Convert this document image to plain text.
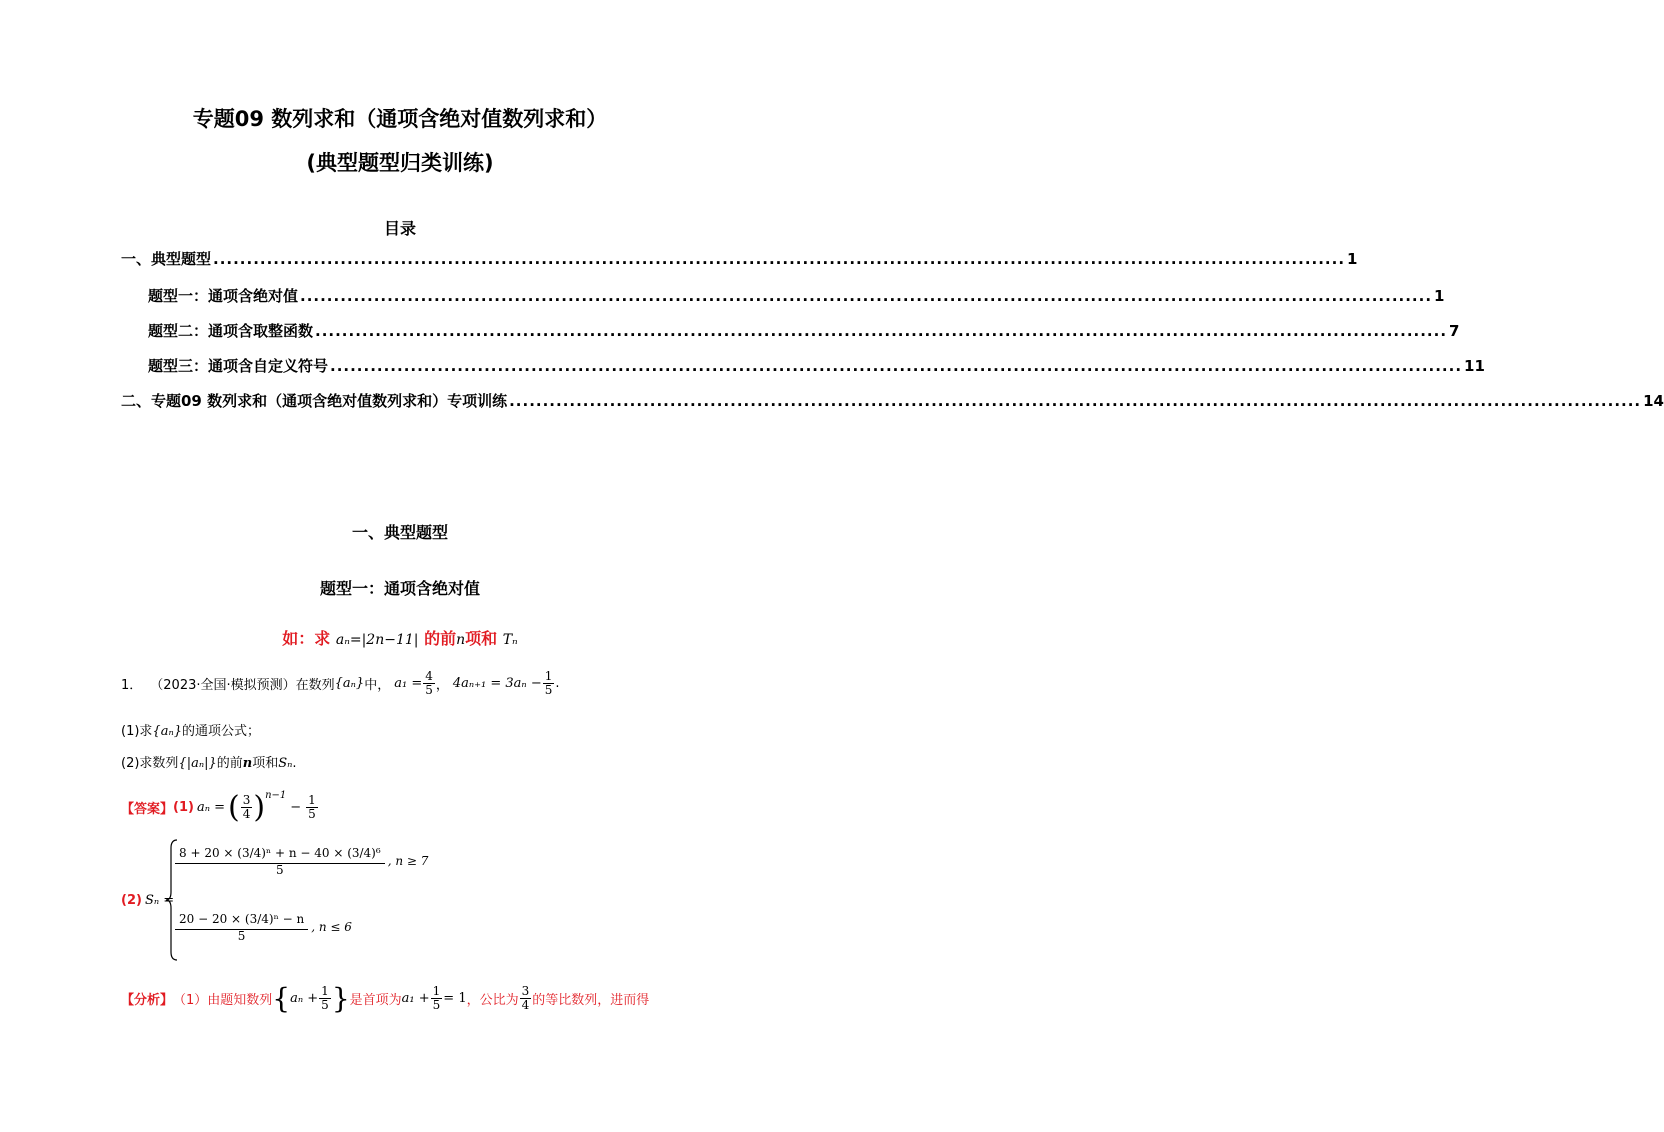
专题09 数列求和（通项含绝对值数列求和）
(典型题型归类训练)
目录
一、典型题型 ......................................................................................................................................................................... 1
题型一：通项含绝对值 ......................................................................................................................................................................... 1
题型二：通项含取整函数 ......................................................................................................................................................................... 7
题型三：通项含自定义符号 ......................................................................................................................................................................... 11
二、专题09 数列求和（通项含绝对值数列求和）专项训练 ......................................................................................................................................................................... 14
一、典型题型
题型一：通项含绝对值
如：求 aₙ=|2n−11| 的前n项和 Tₙ
1． （2023·全国·模拟预测）在数列 {aₙ} 中， $a_1 = \frac{4}{5}$ ， $4a_{n+1} = 3a_n - \frac{1}{5}$ .
(1)求{aₙ}的通项公式；
(2)求数列{|aₙ|}的前n项和Sₙ.
【答案】 (1) aₙ = ( $\frac{3}{4}$ ) n−1
− $\frac{1}{5}$
(2) Sₙ =
$\frac{\text{8 + 20 × (3/4)ⁿ + n − 40 × (3/4)⁶}}{5}$ , n ≥ 7
$\frac{\text{20 − 20 × (3/4)ⁿ − n}}{5}$ , n ≤ 6
【分析】 （1）由题知数列 { $a_n + \frac{1}{5}$ } 是首项为 $a_1 + \frac{1}{5} = 1$ ，公比为 $\frac{3}{4}$ 的等比数列，进而得
